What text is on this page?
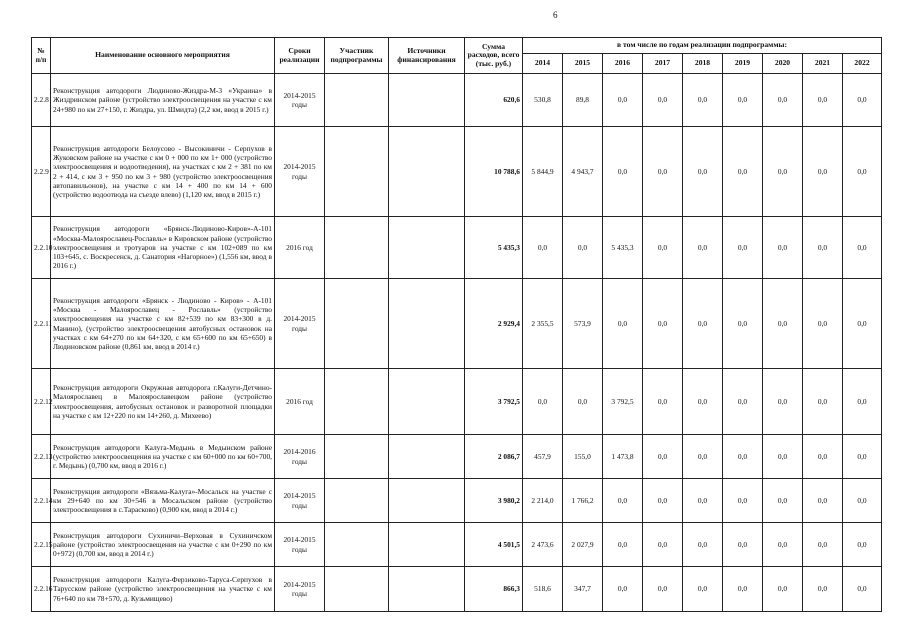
6
№ п/п	Наименование основного мероприятия	Сроки реализации	Участник подпрограммы	Источники финансирования	Сумма расходов, всего (тыс. руб.)	в том числе по годам реализации подпрограммы:								
						2014	2015	2016	2017	2018	2019	2020	2021	2022
2.2.8	Реконструкция автодороги Людиново-Жиздра-М-3 «Украина» в Жиздринском районе (устройство электроосвещения на участке с км 24+980 по км 27+150, г. Жиздра, ул. Шмидта) (2,2 км, ввод в 2015 г.)	2014-2015 годы			620,6	530,8	89,8	0,0	0,0	0,0	0,0	0,0	0,0	0,0
2.2.9	Реконструкция автодороги Белоусово - Высокиничи - Серпухов в Жуковском районе на участке с км 0 + 000 по км 1+ 000 (устройство электроосвещения и водоотведения), на участках с км 2 + 381 по км 2 + 414, с км 3 + 950 по км 3 + 980 (устройство электроосвещения автопавильонов), на участке с км 14 + 400 по км 14 + 600 (устройство водоотвода на съезде влево) (1,120 км, ввод в 2015 г.)	2014-2015 годы			10 788,6	5 844,9	4 943,7	0,0	0,0	0,0	0,0	0,0	0,0	0,0
2.2.10	Реконструкция автодороги «Брянск-Людиново-Киров»-А-101 «Москва-Малоярославец-Рославль» в Кировском районе (устройство электроосвещения и тротуаров на участке с км 102+089 по км 103+645, с. Воскресенск, д. Санатория «Нагорное») (1,556 км, ввод в 2016 г.)	2016 год			5 435,3	0,0	0,0	5 435,3	0,0	0,0	0,0	0,0	0,0	0,0
2.2.11	Реконструкция автодороги «Брянск - Людиново - Киров» - А-101 «Москва - Малоярославец - Рославль» (устройство электроосвещения на участке с км 82+539 по км 83+300 в д. Манино), (устройство электроосвещения автобусных остановок на участках с км 64+270 по км 64+320, с км 65+600 по км 65+650) в Людиновском районе (0,861 км, ввод в 2014 г.)	2014-2015 годы			2 929,4	2 355,5	573,9	0,0	0,0	0,0	0,0	0,0	0,0	0,0
2.2.12	Реконструкция автодороги Окружная автодорога г.Калуги-Детчино-Малоярославец в Малоярославецком районе (устройство электроосвещения, автобусных остановок и разворотной площадки на участке с км 12+220 по км 14+260, д. Михеево)	2016 год			3 792,5	0,0	0,0	3 792,5	0,0	0,0	0,0	0,0	0,0	0,0
2.2.13	Реконструкция автодороги Калуга-Медынь в Медынском районе (устройство электроосвещения на участке с км 60+000 по км 60+700, г. Медынь) (0,700 км, ввод в 2016 г.)	2014-2016 годы			2 086,7	457,9	155,0	1 473,8	0,0	0,0	0,0	0,0	0,0	0,0
2.2.14	Реконструкция автодороги «Вязьма-Калуга»-Мосальск на участке с км 29+640 по км 30+546 в Мосальском районе (устройство электроосвещения в с.Тарасково) (0,900 км, ввод в 2014 г.)	2014-2015 годы			3 980,2	2 214,0	1 766,2	0,0	0,0	0,0	0,0	0,0	0,0	0,0
2.2.15	Реконструкция автодороги Сухиничи–Верховая в Сухиничском районе (устройство электроосвещения на участке с км 0+290 по км 0+972) (0,700 км, ввод в 2014 г.)	2014-2015 годы			4 501,5	2 473,6	2 027,9	0,0	0,0	0,0	0,0	0,0	0,0	0,0
2.2.16	Реконструкция автодороги Калуга-Ферзиково-Таруса-Серпухов в Тарусском районе (устройство электроосвещения на участке с км 76+640 по км 78+570, д. Кузьмищево)	2014-2015 годы			866,3	518,6	347,7	0,0	0,0	0,0	0,0	0,0	0,0	0,0
